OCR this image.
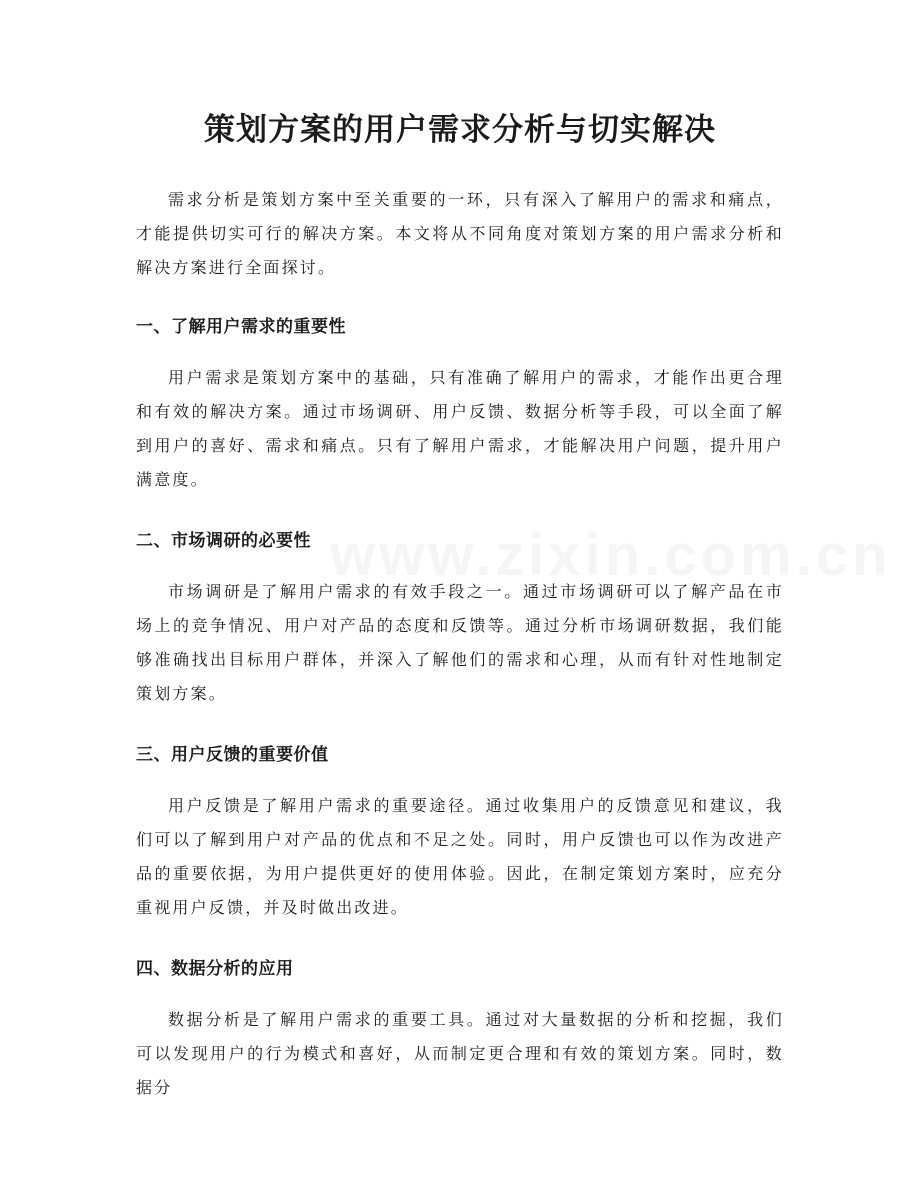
策划方案的用户需求分析与切实解决
www.zixin.com.cn

需求分析是策划方案中至关重要的一环，只有深入了解用户的需求和痛点，才能提供切实可行的解决方案。本文将从不同角度对策划方案的用户需求分析和解决方案进行全面探讨。

一、了解用户需求的重要性

用户需求是策划方案中的基础，只有准确了解用户的需求，才能作出更合理和有效的解决方案。通过市场调研、用户反馈、数据分析等手段，可以全面了解到用户的喜好、需求和痛点。只有了解用户需求，才能解决用户问题，提升用户满意度。

二、市场调研的必要性

市场调研是了解用户需求的有效手段之一。通过市场调研可以了解产品在市场上的竞争情况、用户对产品的态度和反馈等。通过分析市场调研数据，我们能够准确找出目标用户群体，并深入了解他们的需求和心理，从而有针对性地制定策划方案。

三、用户反馈的重要价值

用户反馈是了解用户需求的重要途径。通过收集用户的反馈意见和建议，我们可以了解到用户对产品的优点和不足之处。同时，用户反馈也可以作为改进产品的重要依据，为用户提供更好的使用体验。因此，在制定策划方案时，应充分重视用户反馈，并及时做出改进。

四、数据分析的应用

数据分析是了解用户需求的重要工具。通过对大量数据的分析和挖掘，我们可以发现用户的行为模式和喜好，从而制定更合理和有效的策划方案。同时，数据分
